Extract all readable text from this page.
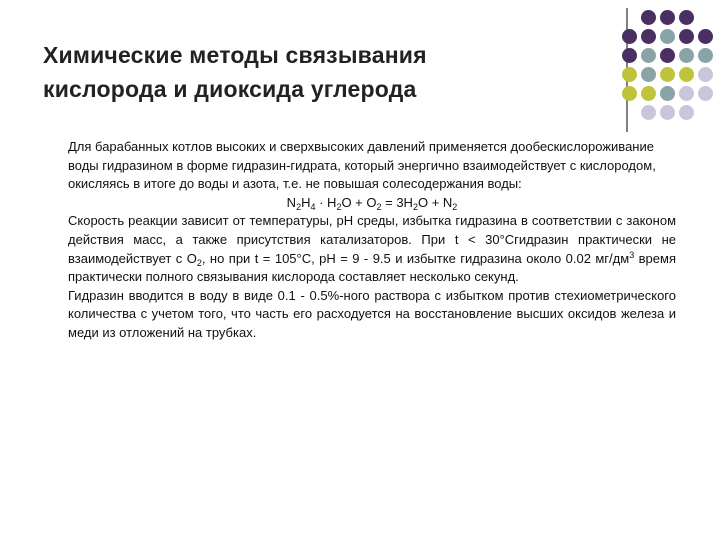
Химические методы связывания
кислорода и диоксида углерода

Для барабанных котлов высоких и сверхвысоких давлений применяется дообескислороживание воды гидразином в форме гидразин-гидрата, который энергично взаимодействует с кислородом, окисляясь в итоге до воды и азота, т.е. не повышая солесодержания воды:

$N_2H_4 \cdot H_2O + O_2 = 3H_2O + N_2$

Скорость реакции зависит от температуры, pH среды, избытка гидразина в соответствии с законом действия масс, а также присутствия катализаторов. При t < 30°Сгидразин практически не взаимодействует с $O_2$, но при t = 105°С, pH = 9 - 9.5 и избытке гидразина около 0.02 $мг/дм^3$ время практически полного связывания кислорода составляет несколько секунд.

Гидразин вводится в воду в виде 0.1 - 0.5%-ного раствора с избытком против стехиометрического количества с учетом того, что часть его расходуется на восстановление высших оксидов железа и меди из отложений на трубках.
